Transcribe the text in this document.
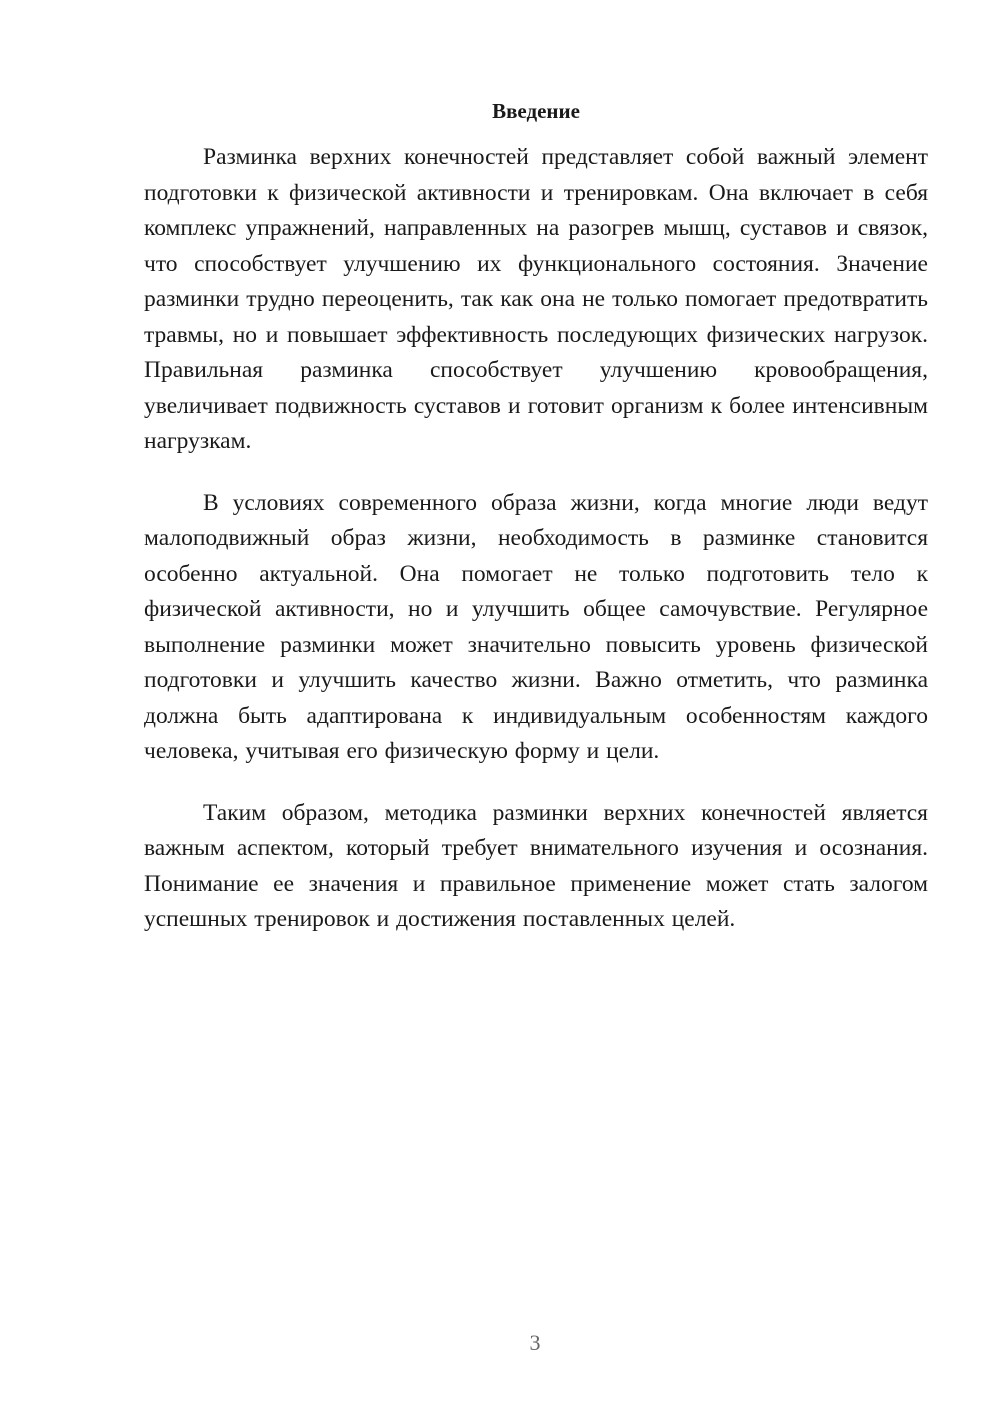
Введение

Разминка верхних конечностей представляет собой важный элемент подготовки к физической активности и тренировкам. Она включает в себя комплекс упражнений, направленных на разогрев мышц, суставов и связок, что способствует улучшению их функционального состояния. Значение разминки трудно переоценить, так как она не только помогает предотвратить травмы, но и повышает эффективность последующих физических нагрузок. Правильная разминка способствует улучшению кровообращения, увеличивает подвижность суставов и готовит организм к более интенсивным нагрузкам.

В условиях современного образа жизни, когда многие люди ведут малоподвижный образ жизни, необходимость в разминке становится особенно актуальной. Она помогает не только подготовить тело к физической активности, но и улучшить общее самочувствие. Регулярное выполнение разминки может значительно повысить уровень физической подготовки и улучшить качество жизни. Важно отметить, что разминка должна быть адаптирована к индивидуальным особенностям каждого человека, учитывая его физическую форму и цели.

Таким образом, методика разминки верхних конечностей является важным аспектом, который требует внимательного изучения и осознания. Понимание ее значения и правильное применение может стать залогом успешных тренировок и достижения поставленных целей.

3
